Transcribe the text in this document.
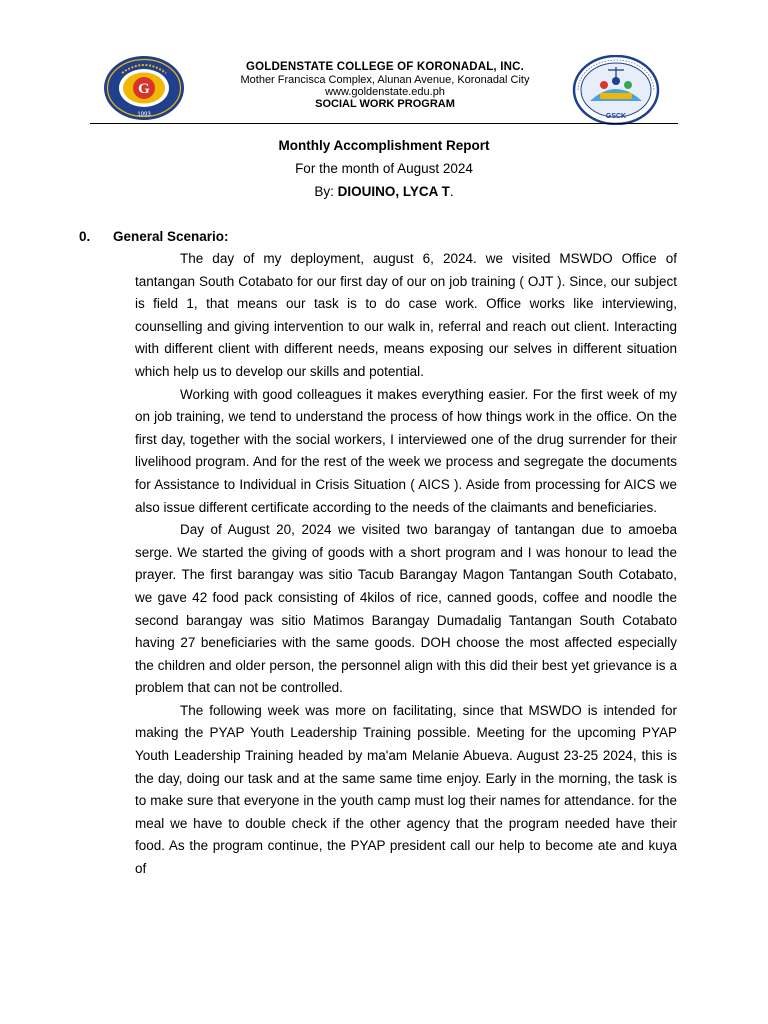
G
1993
GOLDENSTATE COLLEGE OF KORONADAL, INC.
Mother Francisca Complex, Alunan Avenue, Koronadal City
www.goldenstate.edu.ph
SOCIAL WORK PROGRAM
GSCK
Monthly Accomplishment Report
For the month of August 2024
By: DIOUINO, LYCA T.
0. General Scenario:

The day of my deployment, august 6, 2024. we visited MSWDO Office of tantangan South Cotabato for our first day of our on job training ( OJT ). Since, our subject is field 1, that means our task is to do case work. Office works like interviewing, counselling and giving intervention to our walk in, referral and reach out client. Interacting with different client with different needs, means exposing our selves in different situation which help us to develop our skills and potential.

Working with good colleagues it makes everything easier. For the first week of my on job training, we tend to understand the process of how things work in the office. On the first day, together with the social workers, I interviewed one of the drug surrender for their livelihood program. And for the rest of the week we process and segregate the documents for Assistance to Individual in Crisis Situation ( AICS ). Aside from processing for AICS we also issue different certificate according to the needs of the claimants and beneficiaries.

Day of August 20, 2024 we visited two barangay of tantangan due to amoeba serge. We started the giving of goods with a short program and I was honour to lead the prayer. The first barangay was sitio Tacub Barangay Magon Tantangan South Cotabato, we gave 42 food pack consisting of 4kilos of rice, canned goods, coffee and noodle the second barangay was sitio Matimos Barangay Dumadalig Tantangan South Cotabato having 27 beneficiaries with the same goods. DOH choose the most affected especially the children and older person, the personnel align with this did their best yet grievance is a problem that can not be controlled.

The following week was more on facilitating, since that MSWDO is intended for making the PYAP Youth Leadership Training possible. Meeting for the upcoming PYAP Youth Leadership Training headed by ma'am Melanie Abueva. August 23-25 2024, this is the day, doing our task and at the same same time enjoy. Early in the morning, the task is to make sure that everyone in the youth camp must log their names for attendance. for the meal we have to double check if the other agency that the program needed have their food. As the program continue, the PYAP president call our help to become ate and kuya of
